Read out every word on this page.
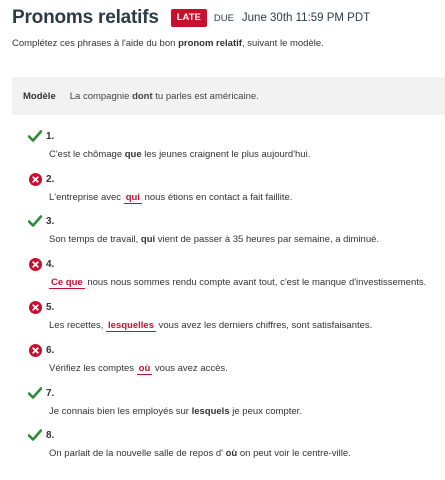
Pronoms relatifs	LATE	DUE June 30th 11:59 PM PDT
Complétez ces phrases à l'aide du bon pronom relatif, suivant le modèle.
Modèle La compagnie dont tu parles est américaine.
1.
C'est le chômage que les jeunes craignent le plus aujourd'hui.
2.
L'entreprise avec qui nous étions en contact a fait faillite.
3.
Son temps de travail, qui vient de passer à 35 heures par semaine, a diminué.
4.
Ce que nous nous sommes rendu compte avant tout, c'est le manque d'investissements.
5.
Les recettes, lesquelles vous avez les derniers chiffres, sont satisfaisantes.
6.
Vérifiez les comptes où vous avez accès.
7.
Je connais bien les employés sur lesquels je peux compter.
8.
On parlait de la nouvelle salle de repos d' où on peut voir le centre-ville.
